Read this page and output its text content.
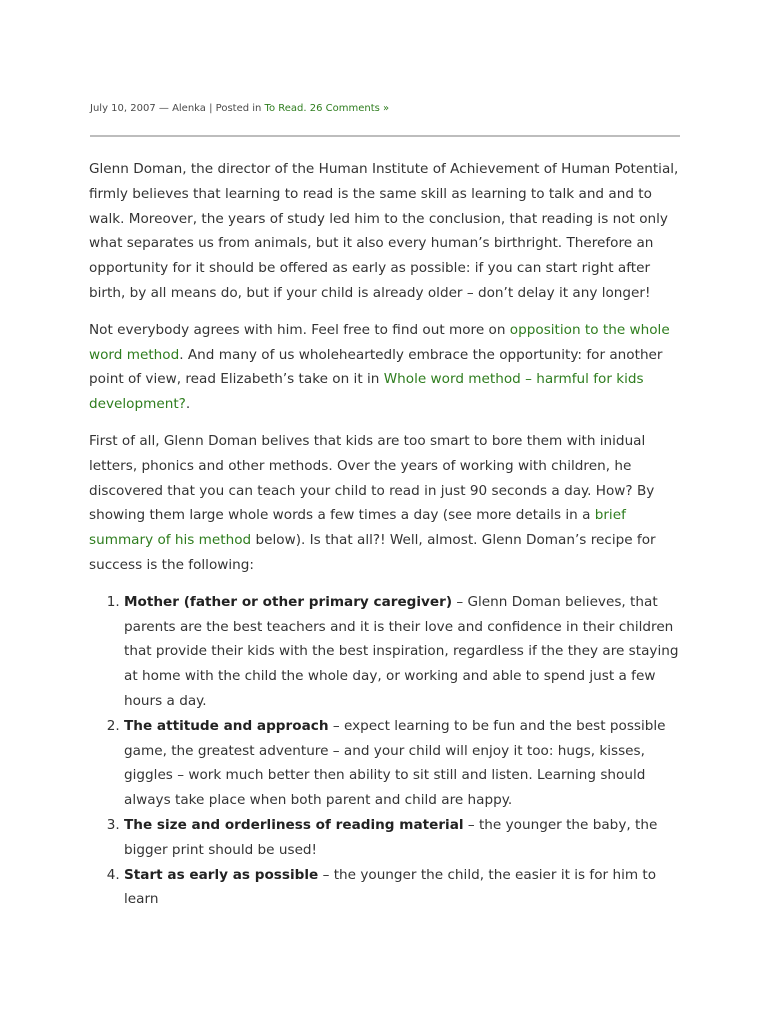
July 10, 2007 — Alenka | Posted in To Read. 26 Comments »

Glenn Doman, the director of the Human Institute of Achievement of Human Potential, firmly believes that learning to read is the same skill as learning to talk and and to walk. Moreover, the years of study led him to the conclusion, that reading is not only what separates us from animals, but it also every human’s birthright. Therefore an opportunity for it should be offered as early as possible: if you can start right after birth, by all means do, but if your child is already older – don’t delay it any longer!

Not everybody agrees with him. Feel free to find out more on opposition to the whole word method. And many of us wholeheartedly embrace the opportunity: for another point of view, read Elizabeth’s take on it in Whole word method – harmful for kids development?.

First of all, Glenn Doman belives that kids are too smart to bore them with inidual letters, phonics and other methods. Over the years of working with children, he discovered that you can teach your child to read in just 90 seconds a day. How? By showing them large whole words a few times a day (see more details in a brief summary of his method below). Is that all?! Well, almost. Glenn Doman’s recipe for success is the following:

1. Mother (father or other primary caregiver) – Glenn Doman believes, that parents are the best teachers and it is their love and confidence in their children that provide their kids with the best inspiration, regardless if the they are staying at home with the child the whole day, or working and able to spend just a few hours a day.
2. The attitude and approach – expect learning to be fun and the best possible game, the greatest adventure – and your child will enjoy it too: hugs, kisses, giggles – work much better then ability to sit still and listen. Learning should always take place when both parent and child are happy.
3. The size and orderliness of reading material – the younger the baby, the bigger print should be used!
4. Start as early as possible – the younger the child, the easier it is for him to learn
